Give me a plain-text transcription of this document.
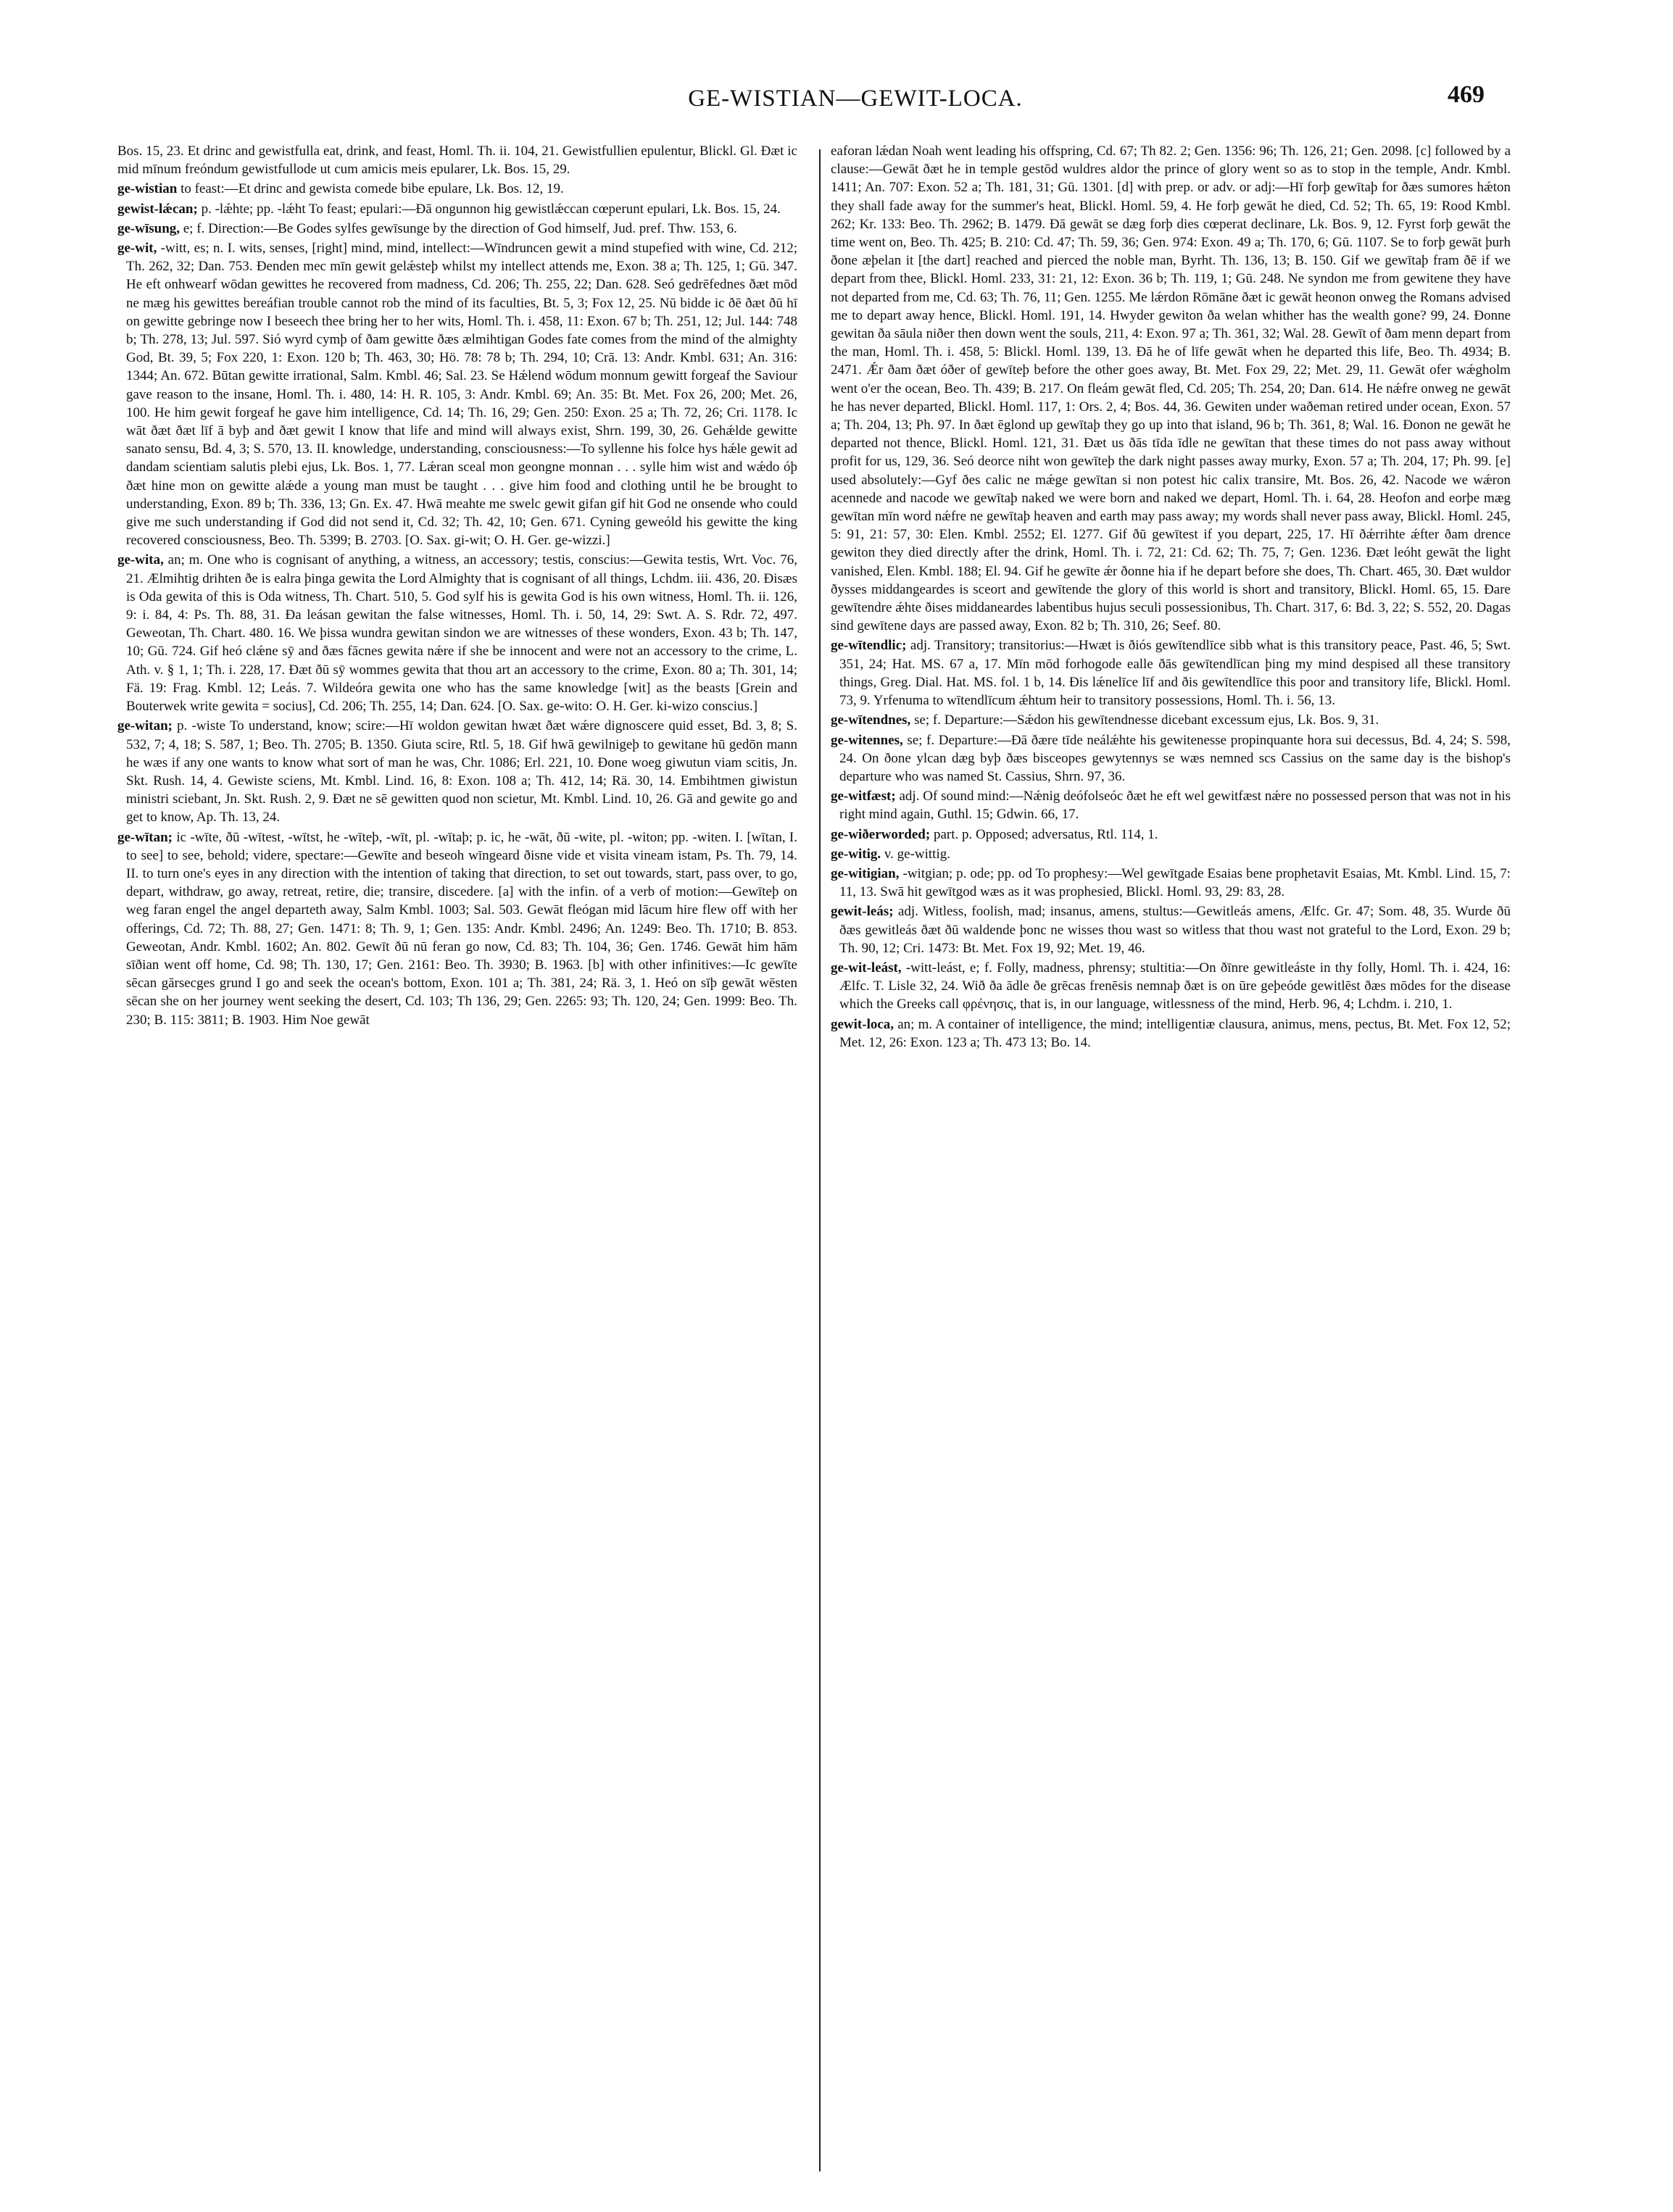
GE-WISTIAN—GEWIT-LOCA.	469

Bos. 15, 23. Et drinc and gewistfulla eat, drink, and feast, Homl. Th. ii. 104, 21. Gewistfullien epulentur, Blickl. Gl. Ðæt ic mid mīnum freóndum gewistfullode ut cum amicis meis epularer, Lk. Bos. 15, 29.

ge-wistian to feast:—Et drinc and gewista comede bibe epulare, Lk. Bos. 12, 19.

gewist-lǽcan; p. -lǽhte; pp. -lǽht To feast; epulari:—Ðā ongunnon hig gewistlǽccan cœperunt epulari, Lk. Bos. 15, 24.

ge-wīsung, e; f. Direction:—Be Godes sylfes gewīsunge by the direction of God himself, Jud. pref. Thw. 153, 6.

ge-wit, -witt, es; n. I. wits, senses, [right] mind, mind, intellect:—Wīndruncen gewit a mind stupefied with wine, Cd. 212; Th. 262, 32; Dan. 753. Ðenden mec mīn gewit gelǽsteþ whilst my intellect attends me, Exon. 38 a; Th. 125, 1; Gū. 347. He eft onhwearf wōdan gewittes he recovered from madness, Cd. 206; Th. 255, 22; Dan. 628. Seó gedrēfednes ðæt mōd ne mæg his gewittes bereáfian trouble cannot rob the mind of its faculties, Bt. 5, 3; Fox 12, 25. Nū bidde ic ðē ðæt ðū hī on gewitte gebringe now I beseech thee bring her to her wits, Homl. Th. i. 458, 11: Exon. 67 b; Th. 251, 12; Jul. 144: 748 b; Th. 278, 13; Jul. 597. Sió wyrd cymþ of ðam gewitte ðæs ælmihtigan Godes fate comes from the mind of the almighty God, Bt. 39, 5; Fox 220, 1: Exon. 120 b; Th. 463, 30; Hö. 78: 78 b; Th. 294, 10; Crā. 13: Andr. Kmbl. 631; An. 316: 1344; An. 672. Būtan gewitte irrational, Salm. Kmbl. 46; Sal. 23. Se Hǽlend wōdum monnum gewitt forgeaf the Saviour gave reason to the insane, Homl. Th. i. 480, 14: H. R. 105, 3: Andr. Kmbl. 69; An. 35: Bt. Met. Fox 26, 200; Met. 26, 100. He him gewit forgeaf he gave him intelligence, Cd. 14; Th. 16, 29; Gen. 250: Exon. 25 a; Th. 72, 26; Cri. 1178. Ic wāt ðæt ðæt līf ā byþ and ðæt gewit I know that life and mind will always exist, Shrn. 199, 30, 26. Gehǽlde gewitte sanato sensu, Bd. 4, 3; S. 570, 13. II. knowledge, understanding, consciousness:—To syllenne his folce hys hǽle gewit ad dandam scientiam salutis plebi ejus, Lk. Bos. 1, 77. Lǽran sceal mon geongne monnan . . . sylle him wist and wǽdo óþ ðæt hine mon on gewitte alǽde a young man must be taught . . . give him food and clothing until he be brought to understanding, Exon. 89 b; Th. 336, 13; Gn. Ex. 47. Hwā meahte me swelc gewit gifan gif hit God ne onsende who could give me such understanding if God did not send it, Cd. 32; Th. 42, 10; Gen. 671. Cyning geweóld his gewitte the king recovered consciousness, Beo. Th. 5399; B. 2703. [O. Sax. gi-wit; O. H. Ger. ge-wizzi.]

ge-wita, an; m. One who is cognisant of anything, a witness, an accessory; testis, conscius:—Gewita testis, Wrt. Voc. 76, 21. Ælmihtig drihten ðe is ealra þinga gewita the Lord Almighty that is cognisant of all things, Lchdm. iii. 436, 20. Ðisæs is Oda gewita of this is Oda witness, Th. Chart. 510, 5. God sylf his is gewita God is his own witness, Homl. Th. ii. 126, 9: i. 84, 4: Ps. Th. 88, 31. Ða leásan gewitan the false witnesses, Homl. Th. i. 50, 14, 29: Swt. A. S. Rdr. 72, 497. Geweotan, Th. Chart. 480. 16. We þissa wundra gewitan sindon we are witnesses of these wonders, Exon. 43 b; Th. 147, 10; Gū. 724. Gif heó clǽne sȳ and ðæs fācnes gewita nǽre if she be innocent and were not an accessory to the crime, L. Ath. v. § 1, 1; Th. i. 228, 17. Ðæt ðū sȳ wommes gewita that thou art an accessory to the crime, Exon. 80 a; Th. 301, 14; Fä. 19: Frag. Kmbl. 12; Leás. 7. Wildeóra gewita one who has the same knowledge [wit] as the beasts [Grein and Bouterwek write gewita = socius], Cd. 206; Th. 255, 14; Dan. 624. [O. Sax. ge-wito: O. H. Ger. ki-wizo conscius.]

ge-witan; p. -wiste To understand, know; scire:—Hī woldon gewitan hwæt ðæt wǽre dignoscere quid esset, Bd. 3, 8; S. 532, 7; 4, 18; S. 587, 1; Beo. Th. 2705; B. 1350. Giuta scire, Rtl. 5, 18. Gif hwā gewilnigeþ to gewitane hū gedōn mann he wæs if any one wants to know what sort of man he was, Chr. 1086; Erl. 221, 10. Ðone woeg giwutun viam scitis, Jn. Skt. Rush. 14, 4. Gewiste sciens, Mt. Kmbl. Lind. 16, 8: Exon. 108 a; Th. 412, 14; Rä. 30, 14. Embihtmen giwistun ministri sciebant, Jn. Skt. Rush. 2, 9. Ðæt ne sē gewitten quod non scietur, Mt. Kmbl. Lind. 10, 26. Gā and gewite go and get to know, Ap. Th. 13, 24.

ge-wītan; ic -wīte, ðū -wītest, -wītst, he -wīteþ, -wīt, pl. -wītaþ; p. ic, he -wāt, ðū -wite, pl. -witon; pp. -witen. I. [wītan, I. to see] to see, behold; videre, spectare:—Gewīte and beseoh wīngeard ðisne vide et visita vineam istam, Ps. Th. 79, 14. II. to turn one's eyes in any direction with the intention of taking that direction, to set out towards, start, pass over, to go, depart, withdraw, go away, retreat, retire, die; transire, discedere. [a] with the infin. of a verb of motion:—Gewīteþ on weg faran engel the angel departeth away, Salm Kmbl. 1003; Sal. 503. Gewāt fleógan mid lācum hire flew off with her offerings, Cd. 72; Th. 88, 27; Gen. 1471: 8; Th. 9, 1; Gen. 135: Andr. Kmbl. 2496; An. 1249: Beo. Th. 1710; B. 853. Geweotan, Andr. Kmbl. 1602; An. 802. Gewīt ðū nū feran go now, Cd. 83; Th. 104, 36; Gen. 1746. Gewāt him hām sīðian went off home, Cd. 98; Th. 130, 17; Gen. 2161: Beo. Th. 3930; B. 1963. [b] with other infinitives:—Ic gewīte sēcan gārsecges grund I go and seek the ocean's bottom, Exon. 101 a; Th. 381, 24; Rä. 3, 1. Heó on sīþ gewāt wēsten sēcan she on her journey went seeking the desert, Cd. 103; Th 136, 29; Gen. 2265: 93; Th. 120, 24; Gen. 1999: Beo. Th. 230; B. 115: 3811; B. 1903. Him Noe gewāt

eaforan lǽdan Noah went leading his offspring, Cd. 67; Th 82. 2; Gen. 1356: 96; Th. 126, 21; Gen. 2098. [c] followed by a clause:—Gewāt ðæt he in temple gestōd wuldres aldor the prince of glory went so as to stop in the temple, Andr. Kmbl. 1411; An. 707: Exon. 52 a; Th. 181, 31; Gū. 1301. [d] with prep. or adv. or adj:—Hī forþ gewītaþ for ðæs sumores hǽton they shall fade away for the summer's heat, Blickl. Homl. 59, 4. He forþ gewāt he died, Cd. 52; Th. 65, 19: Rood Kmbl. 262; Kr. 133: Beo. Th. 2962; B. 1479. Ðā gewāt se dæg forþ dies cœperat declinare, Lk. Bos. 9, 12. Fyrst forþ gewāt the time went on, Beo. Th. 425; B. 210: Cd. 47; Th. 59, 36; Gen. 974: Exon. 49 a; Th. 170, 6; Gū. 1107. Se to forþ gewāt þurh ðone æþelan it [the dart] reached and pierced the noble man, Byrht. Th. 136, 13; B. 150. Gif we gewītaþ fram ðē if we depart from thee, Blickl. Homl. 233, 31: 21, 12: Exon. 36 b; Th. 119, 1; Gū. 248. Ne syndon me from gewitene they have not departed from me, Cd. 63; Th. 76, 11; Gen. 1255. Me lǽrdon Rōmāne ðæt ic gewāt heonon onweg the Romans advised me to depart away hence, Blickl. Homl. 191, 14. Hwyder gewiton ða welan whither has the wealth gone? 99, 24. Ðonne gewitan ða sāula niðer then down went the souls, 211, 4: Exon. 97 a; Th. 361, 32; Wal. 28. Gewīt of ðam menn depart from the man, Homl. Th. i. 458, 5: Blickl. Homl. 139, 13. Ðā he of līfe gewāt when he departed this life, Beo. Th. 4934; B. 2471. Ǽr ðam ðæt óðer of gewīteþ before the other goes away, Bt. Met. Fox 29, 22; Met. 29, 11. Gewāt ofer wǽgholm went o'er the ocean, Beo. Th. 439; B. 217. On fleám gewāt fled, Cd. 205; Th. 254, 20; Dan. 614. He nǽfre onweg ne gewāt he has never departed, Blickl. Homl. 117, 1: Ors. 2, 4; Bos. 44, 36. Gewiten under waðeman retired under ocean, Exon. 57 a; Th. 204, 13; Ph. 97. In ðæt ēglond up gewītaþ they go up into that island, 96 b; Th. 361, 8; Wal. 16. Ðonon ne gewāt he departed not thence, Blickl. Homl. 121, 31. Ðæt us ðās tīda īdle ne gewītan that these times do not pass away without profit for us, 129, 36. Seó deorce niht won gewīteþ the dark night passes away murky, Exon. 57 a; Th. 204, 17; Ph. 99. [e] used absolutely:—Gyf ðes calic ne mǽge gewītan si non potest hic calix transire, Mt. Bos. 26, 42. Nacode we wǽron acennede and nacode we gewītaþ naked we were born and naked we depart, Homl. Th. i. 64, 28. Heofon and eorþe mæg gewītan mīn word nǽfre ne gewītaþ heaven and earth may pass away; my words shall never pass away, Blickl. Homl. 245, 5: 91, 21: 57, 30: Elen. Kmbl. 2552; El. 1277. Gif ðū gewītest if you depart, 225, 17. Hī ðǽrrihte ǽfter ðam drence gewiton they died directly after the drink, Homl. Th. i. 72, 21: Cd. 62; Th. 75, 7; Gen. 1236. Ðæt leóht gewāt the light vanished, Elen. Kmbl. 188; El. 94. Gif he gewīte ǽr ðonne hia if he depart before she does, Th. Chart. 465, 30. Ðæt wuldor ðysses middangeardes is sceort and gewītende the glory of this world is short and transitory, Blickl. Homl. 65, 15. Ðare gewītendre ǽhte ðises middaneardes labentibus hujus seculi possessionibus, Th. Chart. 317, 6: Bd. 3, 22; S. 552, 20. Dagas sind gewītene days are passed away, Exon. 82 b; Th. 310, 26; Seef. 80.

ge-wītendlic; adj. Transitory; transitorius:—Hwæt is ðiós gewītendlīce sibb what is this transitory peace, Past. 46, 5; Swt. 351, 24; Hat. MS. 67 a, 17. Mīn mōd forhogode ealle ðās gewītendlīcan þing my mind despised all these transitory things, Greg. Dial. Hat. MS. fol. 1 b, 14. Ðis lǽnelīce līf and ðis gewītendlīce this poor and transitory life, Blickl. Homl. 73, 9. Yrfenuma to wītendlīcum ǽhtum heir to transitory possessions, Homl. Th. i. 56, 13.

ge-wītendnes, se; f. Departure:—Sǽdon his gewītendnesse dicebant excessum ejus, Lk. Bos. 9, 31.

ge-witennes, se; f. Departure:—Ðā ðære tīde neálǽhte his gewitenesse propinquante hora sui decessus, Bd. 4, 24; S. 598, 24. On ðone ylcan dæg byþ ðæs bisceopes gewytennys se wæs nemned scs Cassius on the same day is the bishop's departure who was named St. Cassius, Shrn. 97, 36.

ge-witfæst; adj. Of sound mind:—Nǽnig deófolseóc ðæt he eft wel gewitfæst nǽre no possessed person that was not in his right mind again, Guthl. 15; Gdwin. 66, 17.

ge-wiðerworded; part. p. Opposed; adversatus, Rtl. 114, 1.

ge-witig. v. ge-wittig.

ge-witigian, -witgian; p. ode; pp. od To prophesy:—Wel gewītgade Esaias bene prophetavit Esaias, Mt. Kmbl. Lind. 15, 7: 11, 13. Swā hit gewītgod wæs as it was prophesied, Blickl. Homl. 93, 29: 83, 28.

gewit-leás; adj. Witless, foolish, mad; insanus, amens, stultus:—Gewitleás amens, Ælfc. Gr. 47; Som. 48, 35. Wurde ðū ðæs gewitleás ðæt ðū waldende þonc ne wisses thou wast so witless that thou wast not grateful to the Lord, Exon. 29 b; Th. 90, 12; Cri. 1473: Bt. Met. Fox 19, 92; Met. 19, 46.

ge-wit-leást, -witt-leást, e; f. Folly, madness, phrensy; stultitia:—On ðīnre gewitleáste in thy folly, Homl. Th. i. 424, 16: Ælfc. T. Lisle 32, 24. Wið ða ādle ðe grēcas frenēsis nemnaþ ðæt is on ūre geþeóde gewitlēst ðæs mōdes for the disease which the Greeks call φρένησις, that is, in our language, witlessness of the mind, Herb. 96, 4; Lchdm. i. 210, 1.

gewit-loca, an; m. A container of intelligence, the mind; intelligentiæ clausura, animus, mens, pectus, Bt. Met. Fox 12, 52; Met. 12, 26: Exon. 123 a; Th. 473 13; Bo. 14.
